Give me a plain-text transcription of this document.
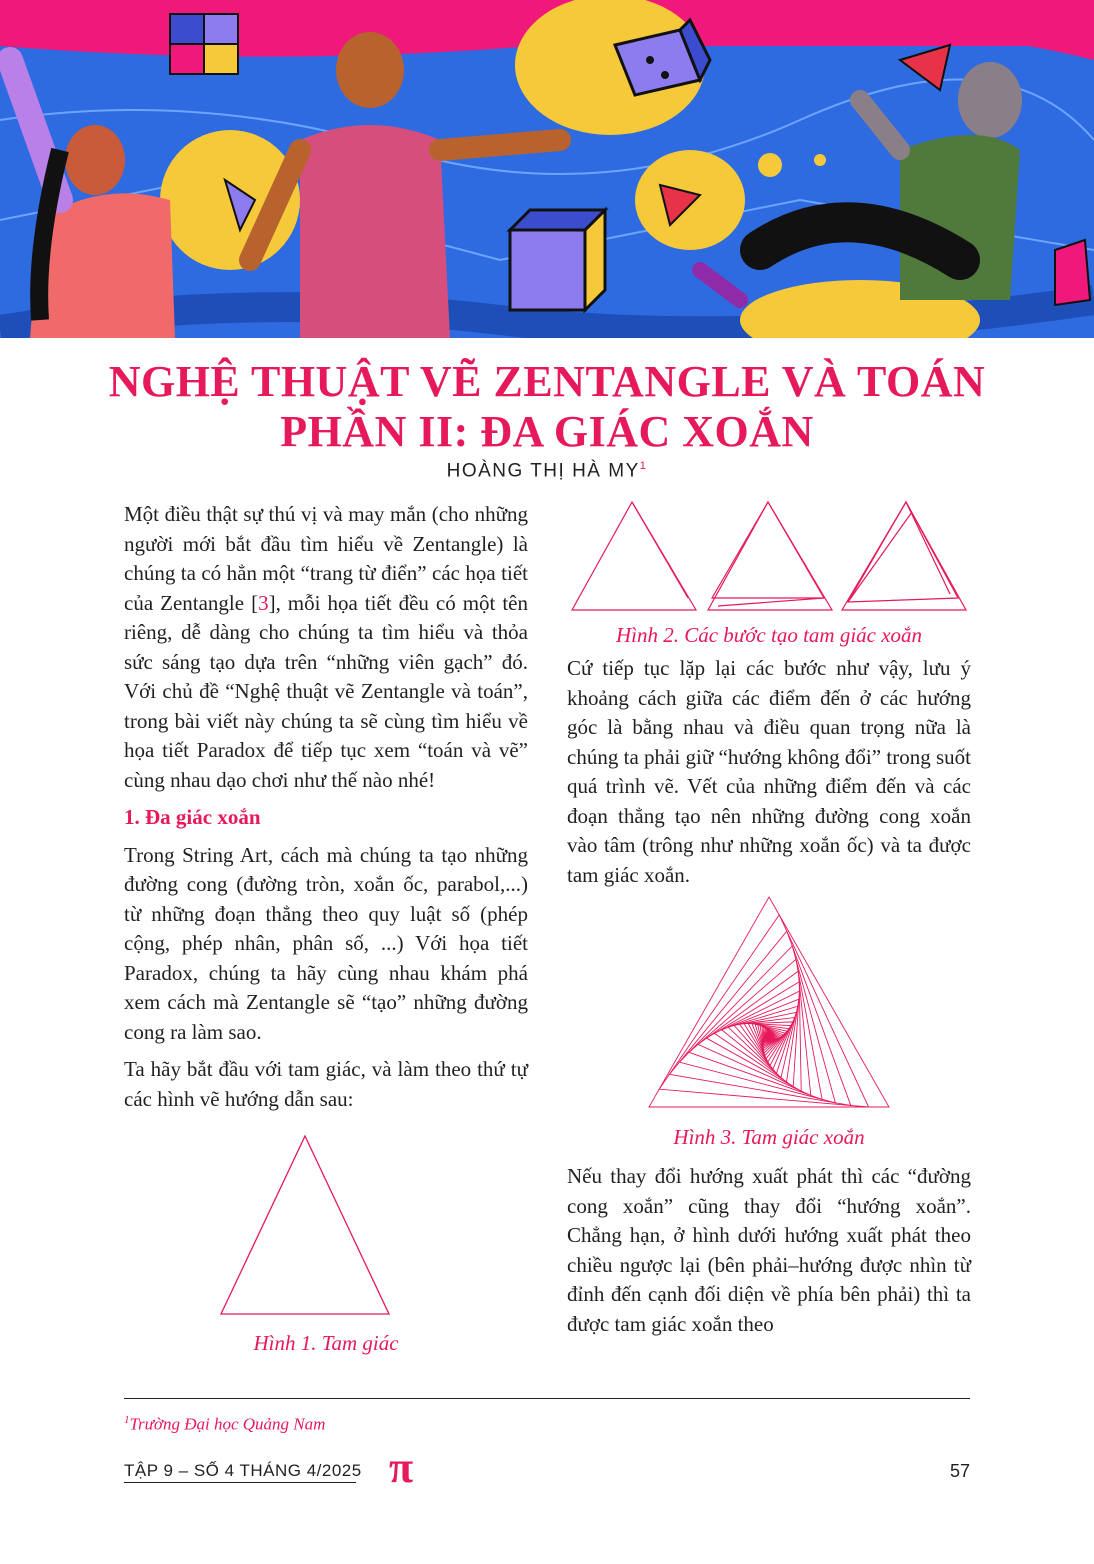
NGHỆ THUẬT VẼ ZENTANGLE VÀ TOÁN
PHẦN II: ĐA GIÁC XOẮN
HOÀNG THỊ HÀ $MY^1$

Một điều thật sự thú vị và may mắn (cho những người mới bắt đầu tìm hiểu về Zentangle) là chúng ta có hẳn một “trang từ điển” các họa tiết của Zentangle [3], mỗi họa tiết đều có một tên riêng, dễ dàng cho chúng ta tìm hiểu và thỏa sức sáng tạo dựa trên “những viên gạch” đó. Với chủ đề “Nghệ thuật vẽ Zentangle và toán”, trong bài viết này chúng ta sẽ cùng tìm hiểu về họa tiết Paradox để tiếp tục xem “toán và vẽ” cùng nhau dạo chơi như thế nào nhé!

1. Đa giác xoắn

Trong String Art, cách mà chúng ta tạo những đường cong (đường tròn, xoắn ốc, parabol,...) từ những đoạn thẳng theo quy luật số (phép cộng, phép nhân, phân số, ...) Với họa tiết Paradox, chúng ta hãy cùng nhau khám phá xem cách mà Zentangle sẽ “tạo” những đường cong ra làm sao.

Ta hãy bắt đầu với tam giác, và làm theo thứ tự các hình vẽ hướng dẫn sau:

Hình 1. Tam giác
Hình 2. Các bước tạo tam giác xoắn

Cứ tiếp tục lặp lại các bước như vậy, lưu ý khoảng cách giữa các điểm đến ở các hướng góc là bằng nhau và điều quan trọng nữa là chúng ta phải giữ “hướng không đổi” trong suốt quá trình vẽ. Vết của những điểm đến và các đoạn thẳng tạo nên những đường cong xoắn vào tâm (trông như những xoắn ốc) và ta được tam giác xoắn.

Hình 3. Tam giác xoắn

Nếu thay đổi hướng xuất phát thì các “đường cong xoắn” cũng thay đổi “hướng xoắn”. Chẳng hạn, ở hình dưới hướng xuất phát theo chiều ngược lại (bên phải–hướng được nhìn từ đỉnh đến cạnh đối diện về phía bên phải) thì ta được tam giác xoắn theo

$^1$Trường Đại học Quảng Nam
TẬP 9 – SỐ 4 THÁNG 4/2025 π	57
